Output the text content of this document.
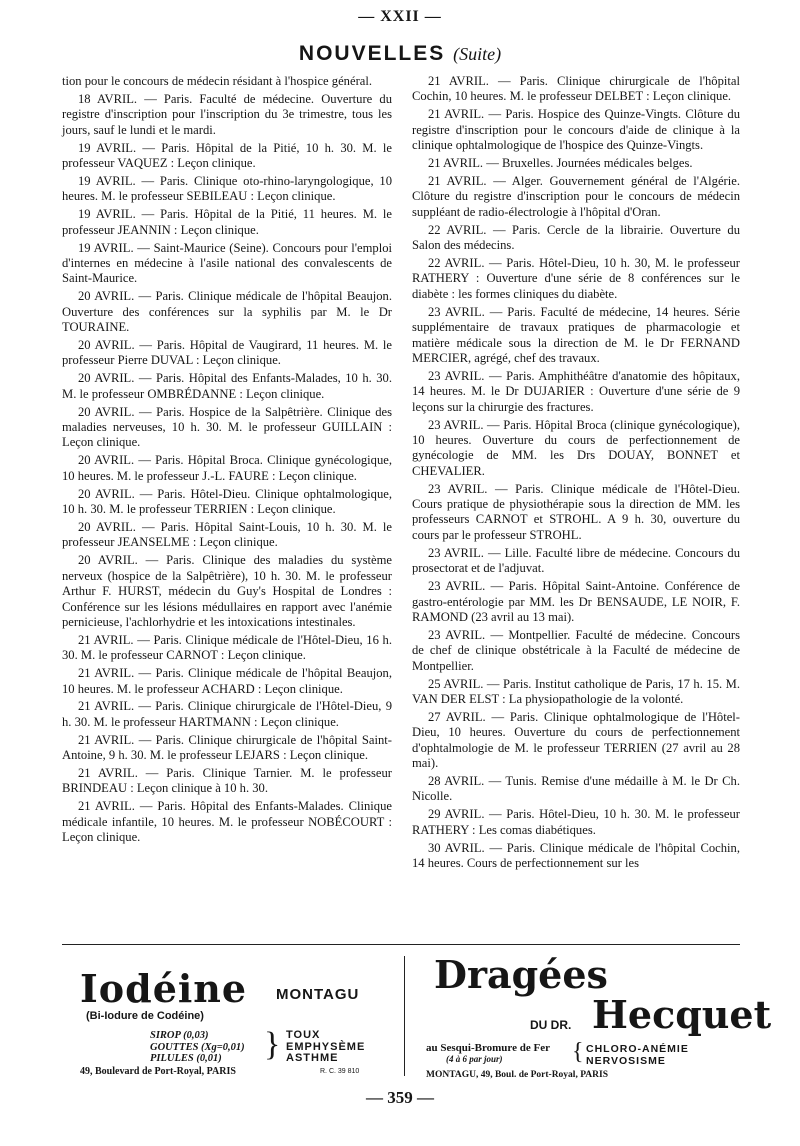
— XXII —
NOUVELLES (Suite)

tion pour le concours de médecin résidant à l'hospice général.

18 AVRIL. — Paris. Faculté de médecine. Ouverture du registre d'inscription pour l'inscription du 3e trimestre, tous les jours, sauf le lundi et le mardi.

19 AVRIL. — Paris. Hôpital de la Pitié, 10 h. 30. M. le professeur VAQUEZ : Leçon clinique.

19 AVRIL. — Paris. Clinique oto-rhino-laryngologique, 10 heures. M. le professeur SEBILEAU : Leçon clinique.

19 AVRIL. — Paris. Hôpital de la Pitié, 11 heures. M. le professeur JEANNIN : Leçon clinique.

19 AVRIL. — Saint-Maurice (Seine). Concours pour l'emploi d'internes en médecine à l'asile national des convalescents de Saint-Maurice.

20 AVRIL. — Paris. Clinique médicale de l'hôpital Beaujon. Ouverture des conférences sur la syphilis par M. le Dr TOURAINE.

20 AVRIL. — Paris. Hôpital de Vaugirard, 11 heures. M. le professeur Pierre DUVAL : Leçon clinique.

20 AVRIL. — Paris. Hôpital des Enfants-Malades, 10 h. 30. M. le professeur OMBRÉDANNE : Leçon clinique.

20 AVRIL. — Paris. Hospice de la Salpêtrière. Clinique des maladies nerveuses, 10 h. 30. M. le professeur GUILLAIN : Leçon clinique.

20 AVRIL. — Paris. Hôpital Broca. Clinique gynécologique, 10 heures. M. le professeur J.-L. FAURE : Leçon clinique.

20 AVRIL. — Paris. Hôtel-Dieu. Clinique ophtalmologique, 10 h. 30. M. le professeur TERRIEN : Leçon clinique.

20 AVRIL. — Paris. Hôpital Saint-Louis, 10 h. 30. M. le professeur JEANSELME : Leçon clinique.

20 AVRIL. — Paris. Clinique des maladies du système nerveux (hospice de la Salpêtrière), 10 h. 30. M. le professeur Arthur F. HURST, médecin du Guy's Hospital de Londres : Conférence sur les lésions médullaires en rapport avec l'anémie pernicieuse, l'achlorhydrie et les intoxications intestinales.

21 AVRIL. — Paris. Clinique médicale de l'Hôtel-Dieu, 16 h. 30. M. le professeur CARNOT : Leçon clinique.

21 AVRIL. — Paris. Clinique médicale de l'hôpital Beaujon, 10 heures. M. le professeur ACHARD : Leçon clinique.

21 AVRIL. — Paris. Clinique chirurgicale de l'Hôtel-Dieu, 9 h. 30. M. le professeur HARTMANN : Leçon clinique.

21 AVRIL. — Paris. Clinique chirurgicale de l'hôpital Saint-Antoine, 9 h. 30. M. le professeur LEJARS : Leçon clinique.

21 AVRIL. — Paris. Clinique Tarnier. M. le professeur BRINDEAU : Leçon clinique à 10 h. 30.

21 AVRIL. — Paris. Hôpital des Enfants-Malades. Clinique médicale infantile, 10 heures. M. le professeur NOBÉCOURT : Leçon clinique.

21 AVRIL. — Paris. Clinique chirurgicale de l'hôpital Cochin, 10 heures. M. le professeur DELBET : Leçon clinique.

21 AVRIL. — Paris. Hospice des Quinze-Vingts. Clôture du registre d'inscription pour le concours d'aide de clinique à la clinique ophtalmologique de l'hospice des Quinze-Vingts.

21 AVRIL. — Bruxelles. Journées médicales belges.

21 AVRIL. — Alger. Gouvernement général de l'Algérie. Clôture du registre d'inscription pour le concours de médecin suppléant de radio-électrologie à l'hôpital d'Oran.

22 AVRIL. — Paris. Cercle de la librairie. Ouverture du Salon des médecins.

22 AVRIL. — Paris. Hôtel-Dieu, 10 h. 30, M. le professeur RATHERY : Ouverture d'une série de 8 conférences sur le diabète : les formes cliniques du diabète.

23 AVRIL. — Paris. Faculté de médecine, 14 heures. Série supplémentaire de travaux pratiques de pharmacologie et matière médicale sous la direction de M. le Dr FERNAND MERCIER, agrégé, chef des travaux.

23 AVRIL. — Paris. Amphithéâtre d'anatomie des hôpitaux, 14 heures. M. le Dr DUJARIER : Ouverture d'une série de 9 leçons sur la chirurgie des fractures.

23 AVRIL. — Paris. Hôpital Broca (clinique gynécologique), 10 heures. Ouverture du cours de perfectionnement de gynécologie de MM. les Drs DOUAY, BONNET et CHEVALIER.

23 AVRIL. — Paris. Clinique médicale de l'Hôtel-Dieu. Cours pratique de physiothérapie sous la direction de MM. les professeurs CARNOT et STROHL. A 9 h. 30, ouverture du cours par le professeur STROHL.

23 AVRIL. — Lille. Faculté libre de médecine. Concours du prosectorat et de l'adjuvat.

23 AVRIL. — Paris. Hôpital Saint-Antoine. Conférence de gastro-entérologie par MM. les Dr BENSAUDE, LE NOIR, F. RAMOND (23 avril au 13 mai).

23 AVRIL. — Montpellier. Faculté de médecine. Concours de chef de clinique obstétricale à la Faculté de médecine de Montpellier.

25 AVRIL. — Paris. Institut catholique de Paris, 17 h. 15. M. VAN DER ELST : La physiopathologie de la volonté.

27 AVRIL. — Paris. Clinique ophtalmologique de l'Hôtel-Dieu, 10 heures. Ouverture du cours de perfectionnement d'ophtalmologie de M. le professeur TERRIEN (27 avril au 28 mai).

28 AVRIL. — Tunis. Remise d'une médaille à M. le Dr Ch. Nicolle.

29 AVRIL. — Paris. Hôtel-Dieu, 10 h. 30. M. le professeur RATHERY : Les comas diabétiques.

30 AVRIL. — Paris. Clinique médicale de l'hôpital Cochin, 14 heures. Cours de perfectionnement sur les

Iodéine MONTAGU
(Bi-Iodure de Codéine)
SIROP (0,03)
GOUTTES (Xg=0,01)
PILULES (0,01)	} TOUX
EMPHYSÈME
ASTHME
49, Boulevard de Port-Royal, PARIS	R. C. 39 810
Dragées
DU DR. Hecquet
au Sesqui-Bromure de Fer
(4 à 6 par jour)	{ CHLORO-ANÉMIE
NERVOSISME
MONTAGU, 49, Boul. de Port-Royal, PARIS
— 359 —
